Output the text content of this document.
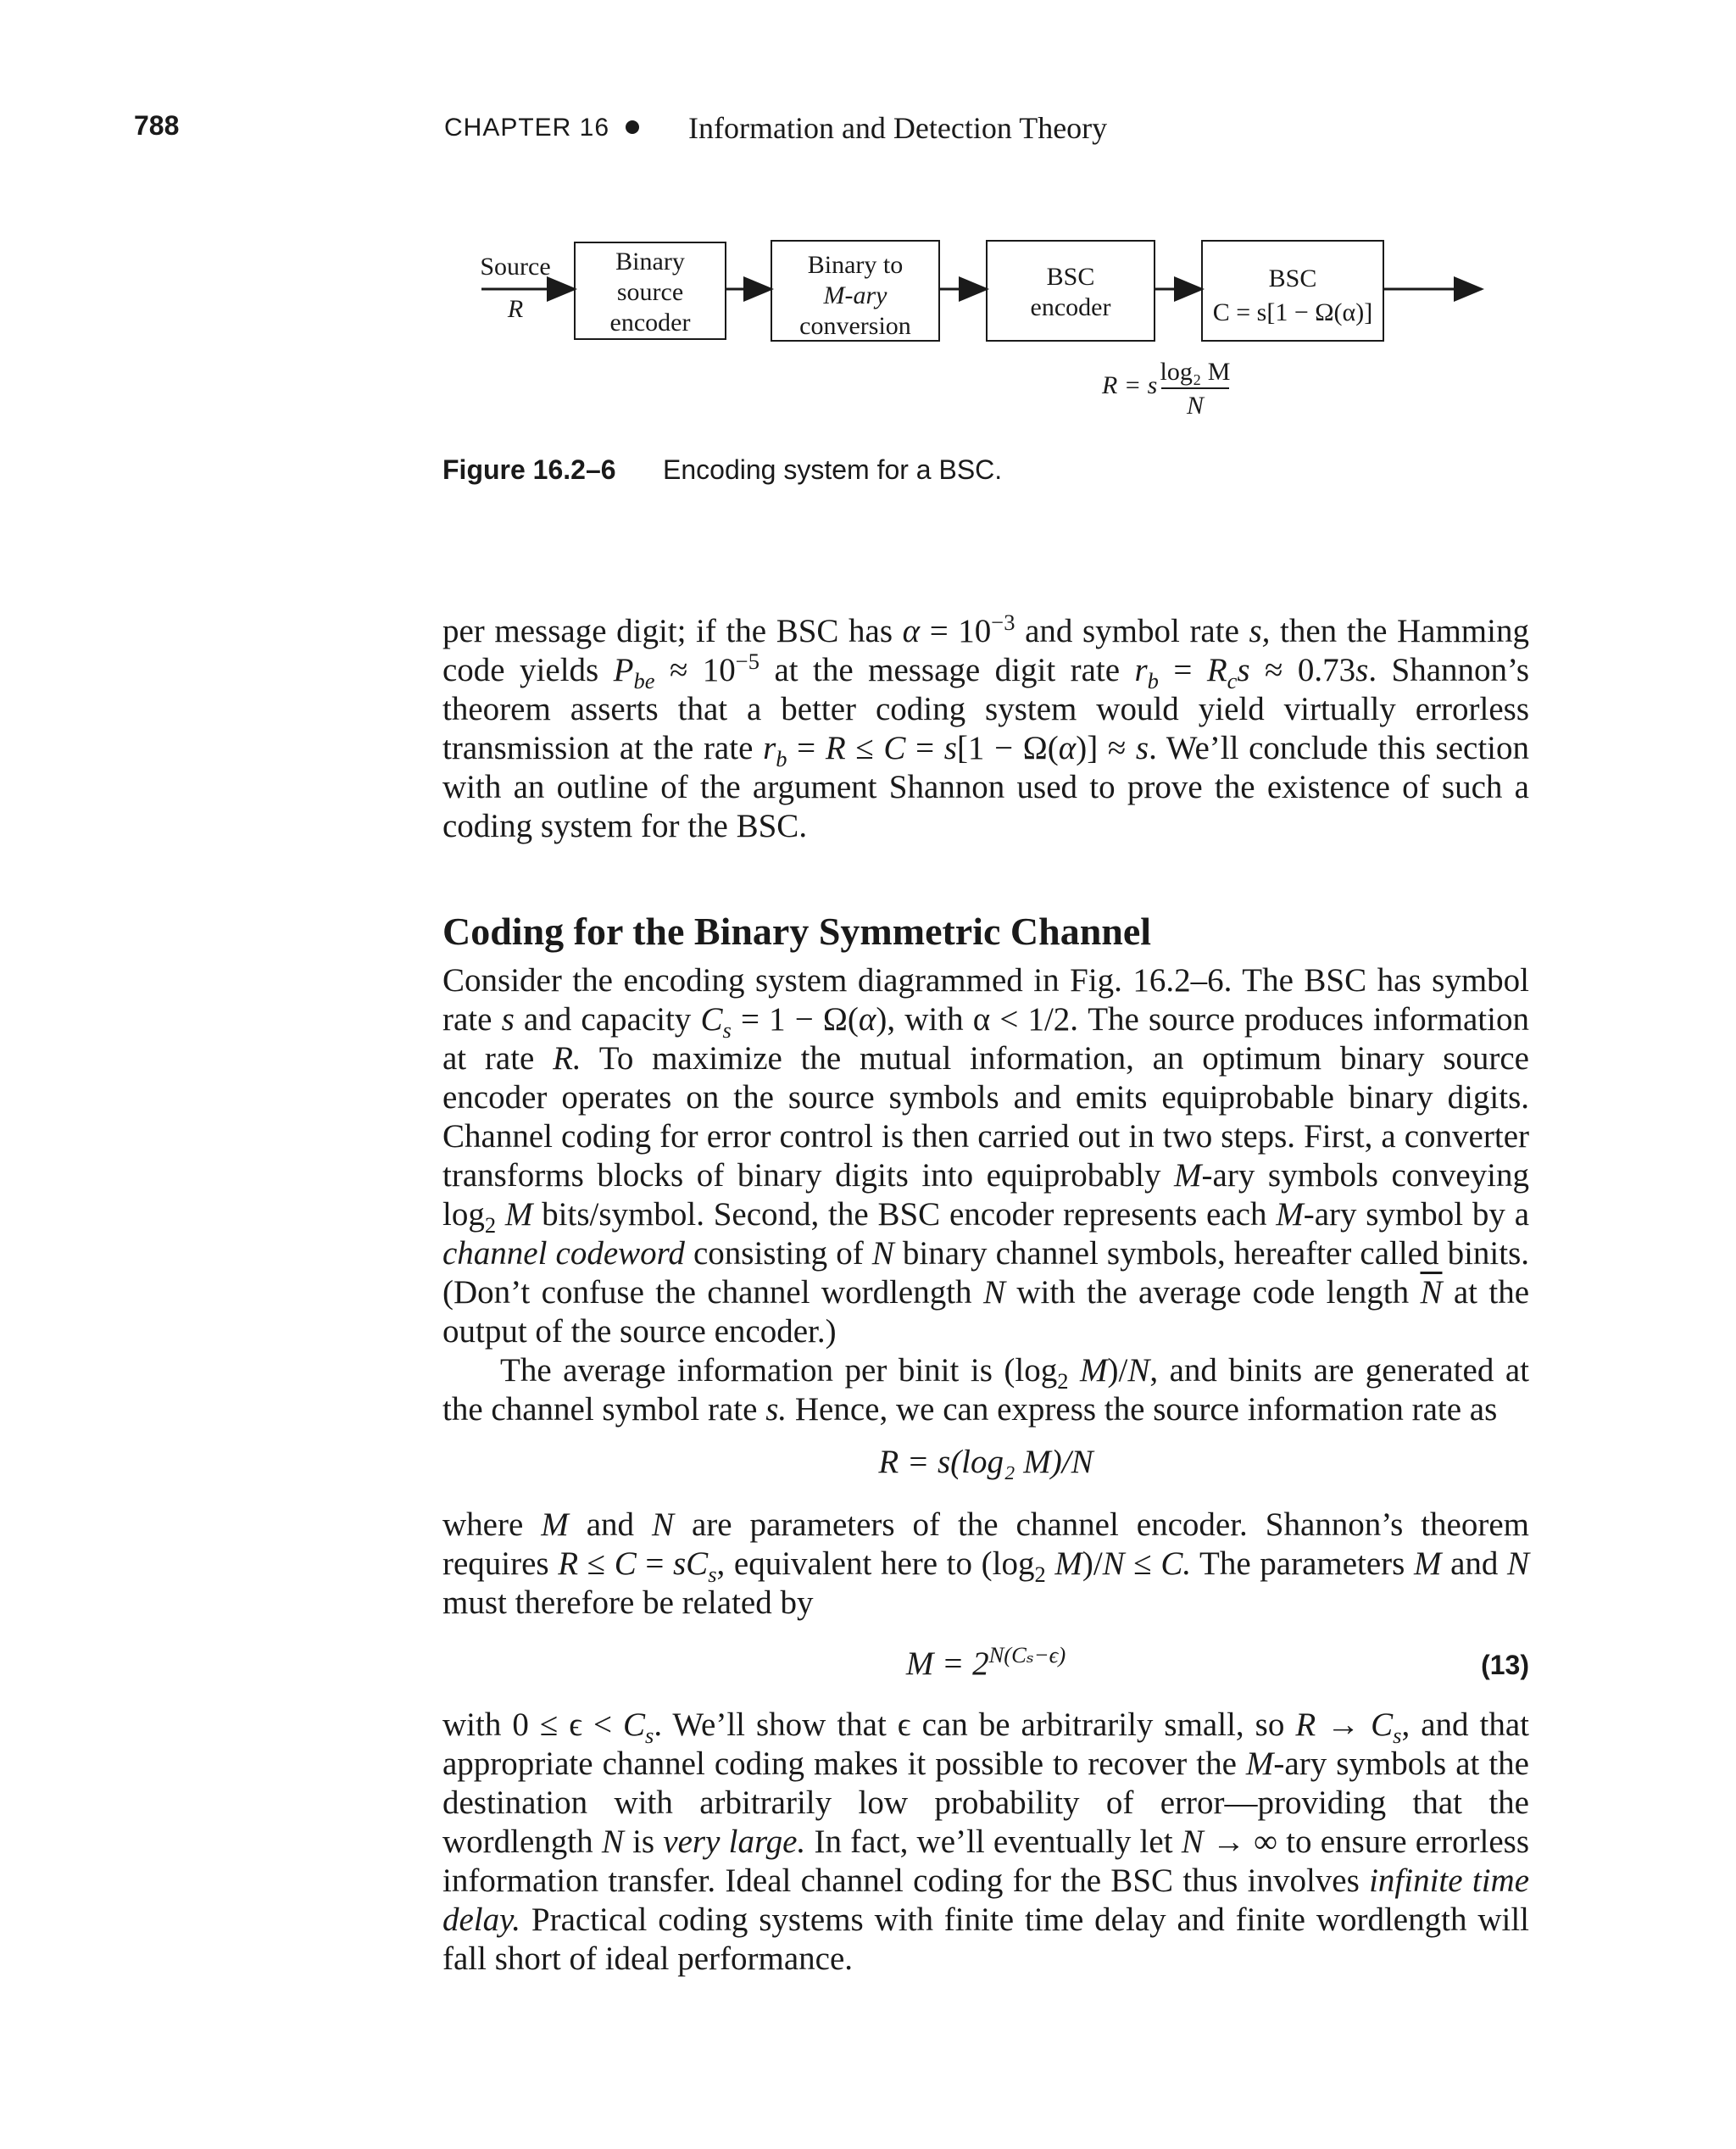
788	CHAPTER 16	Information and Detection Theory
Source
R
Binary
source
encoder
Binary to
M-ary
conversion
BSC
encoder
BSC
C = s[1 − Ω(α)]
R = s log₂ M
N
Figure 16.2–6 Encoding system for a BSC.

per message digit; if the BSC has $\alpha = 10^{-3}$ and symbol rate s, then the Hamming code yields $P_{be} \approx 10^{-5}$ at the message digit rate $r_b = R_cs \approx 0.73s$. Shannon’s theorem asserts that a better coding system would yield virtually errorless transmission at the rate $r_b = R \le C = s[1 - \Omega(\alpha)] \approx s$. We’ll conclude this section with an outline of the argument Shannon used to prove the existence of such a coding system for the BSC.

Coding for the Binary Symmetric Channel

Consider the encoding system diagrammed in Fig. 16.2–6. The BSC has symbol rate s and capacity $C_s = 1 - \Omega(\alpha)$, with α < 1/2. The source produces information at rate R. To maximize the mutual information, an optimum binary source encoder operates on the source symbols and emits equiprobable binary digits. Channel coding for error control is then carried out in two steps. First, a converter transforms blocks of binary digits into equiprobably M-ary symbols conveying $\log_2 M$ bits/symbol. Second, the BSC encoder represents each M-ary symbol by a channel codeword consisting of N binary channel symbols, hereafter called binits. (Don’t confuse the channel wordlength N with the average code length $\overline{N}$ at the output of the source encoder.)

The average information per binit is ($\log_2$ M)/N, and binits are generated at the channel symbol rate s. Hence, we can express the source information rate as

R = s(log₂ M)/N

where M and N are parameters of the channel encoder. Shannon’s theorem requires $R \le C = sC_s$, equivalent here to ($\log_2$ M)/N ≤ C. The parameters M and N must therefore be related by

$M = 2^{N(C_s-\epsilon)}$	(13)

with $0 \le \epsilon < C_s$. We’ll show that ϵ can be arbitrarily small, so $R \to C_s$, and that appropriate channel coding makes it possible to recover the M-ary symbols at the destination with arbitrarily low probability of error—providing that the wordlength N is very large. In fact, we’ll eventually let N → ∞ to ensure errorless information transfer. Ideal channel coding for the BSC thus involves infinite time delay. Practical coding systems with finite time delay and finite wordlength will fall short of ideal performance.
